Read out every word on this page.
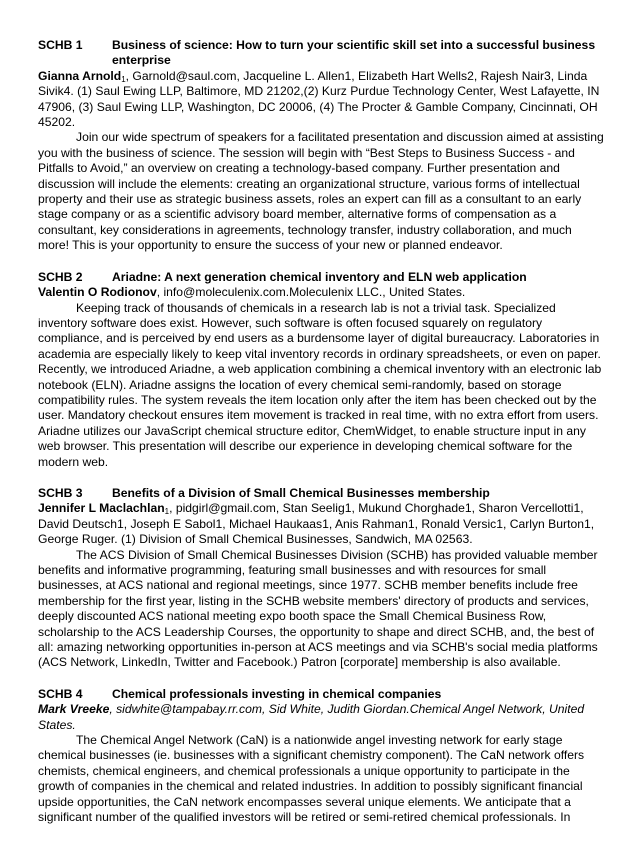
SCHB 1	Business of science: How to turn your scientific skill set into a successful business enterprise

Gianna Arnold$_1$, Garnold@saul.com, Jacqueline L. Allen1, Elizabeth Hart Wells2, Rajesh Nair3, Linda Sivik4. (1) Saul Ewing LLP, Baltimore, MD 21202,(2) Kurz Purdue Technology Center, West Lafayette, IN 47906, (3) Saul Ewing LLP, Washington, DC 20006, (4) The Procter & Gamble Company, Cincinnati, OH 45202.

Join our wide spectrum of speakers for a facilitated presentation and discussion aimed at assisting you with the business of science. The session will begin with “Best Steps to Business Success - and Pitfalls to Avoid,” an overview on creating a technology-based company. Further presentation and discussion will include the elements: creating an organizational structure, various forms of intellectual property and their use as strategic business assets, roles an expert can fill as a consultant to an early stage company or as a scientific advisory board member, alternative forms of compensation as a consultant, key considerations in agreements, technology transfer, industry collaboration, and much more! This is your opportunity to ensure the success of your new or planned endeavor.

SCHB 2	Ariadne: A next generation chemical inventory and ELN web application

Valentin O Rodionov, info@moleculenix.com.Moleculenix LLC., United States.

Keeping track of thousands of chemicals in a research lab is not a trivial task. Specialized inventory software does exist. However, such software is often focused squarely on regulatory compliance, and is perceived by end users as a burdensome layer of digital bureaucracy. Laboratories in academia are especially likely to keep vital inventory records in ordinary spreadsheets, or even on paper. Recently, we introduced Ariadne, a web application combining a chemical inventory with an electronic lab notebook (ELN). Ariadne assigns the location of every chemical semi-randomly, based on storage compatibility rules. The system reveals the item location only after the item has been checked out by the user. Mandatory checkout ensures item movement is tracked in real time, with no extra effort from users. Ariadne utilizes our JavaScript chemical structure editor, ChemWidget, to enable structure input in any web browser. This presentation will describe our experience in developing chemical software for the modern web.

SCHB 3	Benefits of a Division of Small Chemical Businesses membership

Jennifer L Maclachlan$_1$, pidgirl@gmail.com, Stan Seelig1, Mukund Chorghade1, Sharon Vercellotti1, David Deutsch1, Joseph E Sabol1, Michael Haukaas1, Anis Rahman1, Ronald Versic1, Carlyn Burton1, George Ruger. (1) Division of Small Chemical Businesses, Sandwich, MA 02563.

The ACS Division of Small Chemical Businesses Division (SCHB) has provided valuable member benefits and informative programming, featuring small businesses and with resources for small businesses, at ACS national and regional meetings, since 1977. SCHB member benefits include free membership for the first year, listing in the SCHB website members' directory of products and services, deeply discounted ACS national meeting expo booth space the Small Chemical Business Row, scholarship to the ACS Leadership Courses, the opportunity to shape and direct SCHB, and, the best of all: amazing networking opportunities in-person at ACS meetings and via SCHB's social media platforms (ACS Network, LinkedIn, Twitter and Facebook.) Patron [corporate] membership is also available.

SCHB 4	Chemical professionals investing in chemical companies

Mark Vreeke, sidwhite@tampabay.rr.com, Sid White, Judith Giordan.Chemical Angel Network, United States.

The Chemical Angel Network (CaN) is a nationwide angel investing network for early stage chemical businesses (ie. businesses with a significant chemistry component). The CaN network offers chemists, chemical engineers, and chemical professionals a unique opportunity to participate in the growth of companies in the chemical and related industries. In addition to possibly significant financial upside opportunities, the CaN network encompasses several unique elements. We anticipate that a significant number of the qualified investors will be retired or semi-retired chemical professionals. In
